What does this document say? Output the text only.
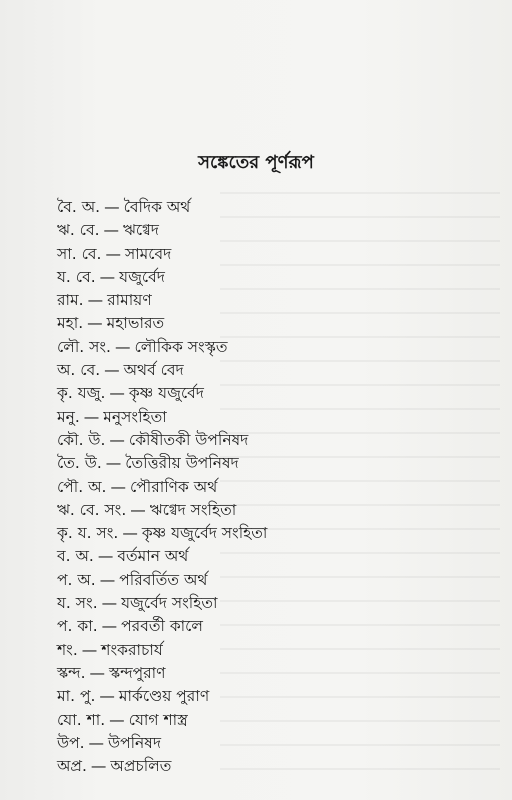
সঙ্কেতের পূর্ণরূপ
বৈ. অ. — বৈদিক অর্থ
ঋ. বে. — ঋগ্বেদ
সা. বে. — সামবেদ
য. বে. — যজুর্বেদ
রাম. — রামায়ণ
মহা. — মহাভারত
লৌ. সং. — লৌকিক সংস্কৃত
অ. বে. — অথর্ব বেদ
কৃ. যজু. — কৃষ্ণ যজুর্বেদ
মনু. — মনুসংহিতা
কৌ. উ. — কৌষীতকী উপনিষদ
তৈ. উ. — তৈত্তিরীয় উপনিষদ
পৌ. অ. — পৌরাণিক অর্থ
ঋ. বে. সং. — ঋগ্বেদ সংহিতা
কৃ. য. সং. — কৃষ্ণ যজুর্বেদ সংহিতা
ব. অ. — বর্তমান অর্থ
প. অ. — পরিবর্তিত অর্থ
য. সং. — যজুর্বেদ সংহিতা
প. কা. — পরবর্তী কালে
শং. — শংকরাচার্য
স্কন্দ. — স্কন্দপুরাণ
মা. পু. — মার্কণ্ডেয় পুরাণ
যো. শা. — যোগ শাস্ত্র
উপ. — উপনিষদ
অপ্র. — অপ্রচলিত
